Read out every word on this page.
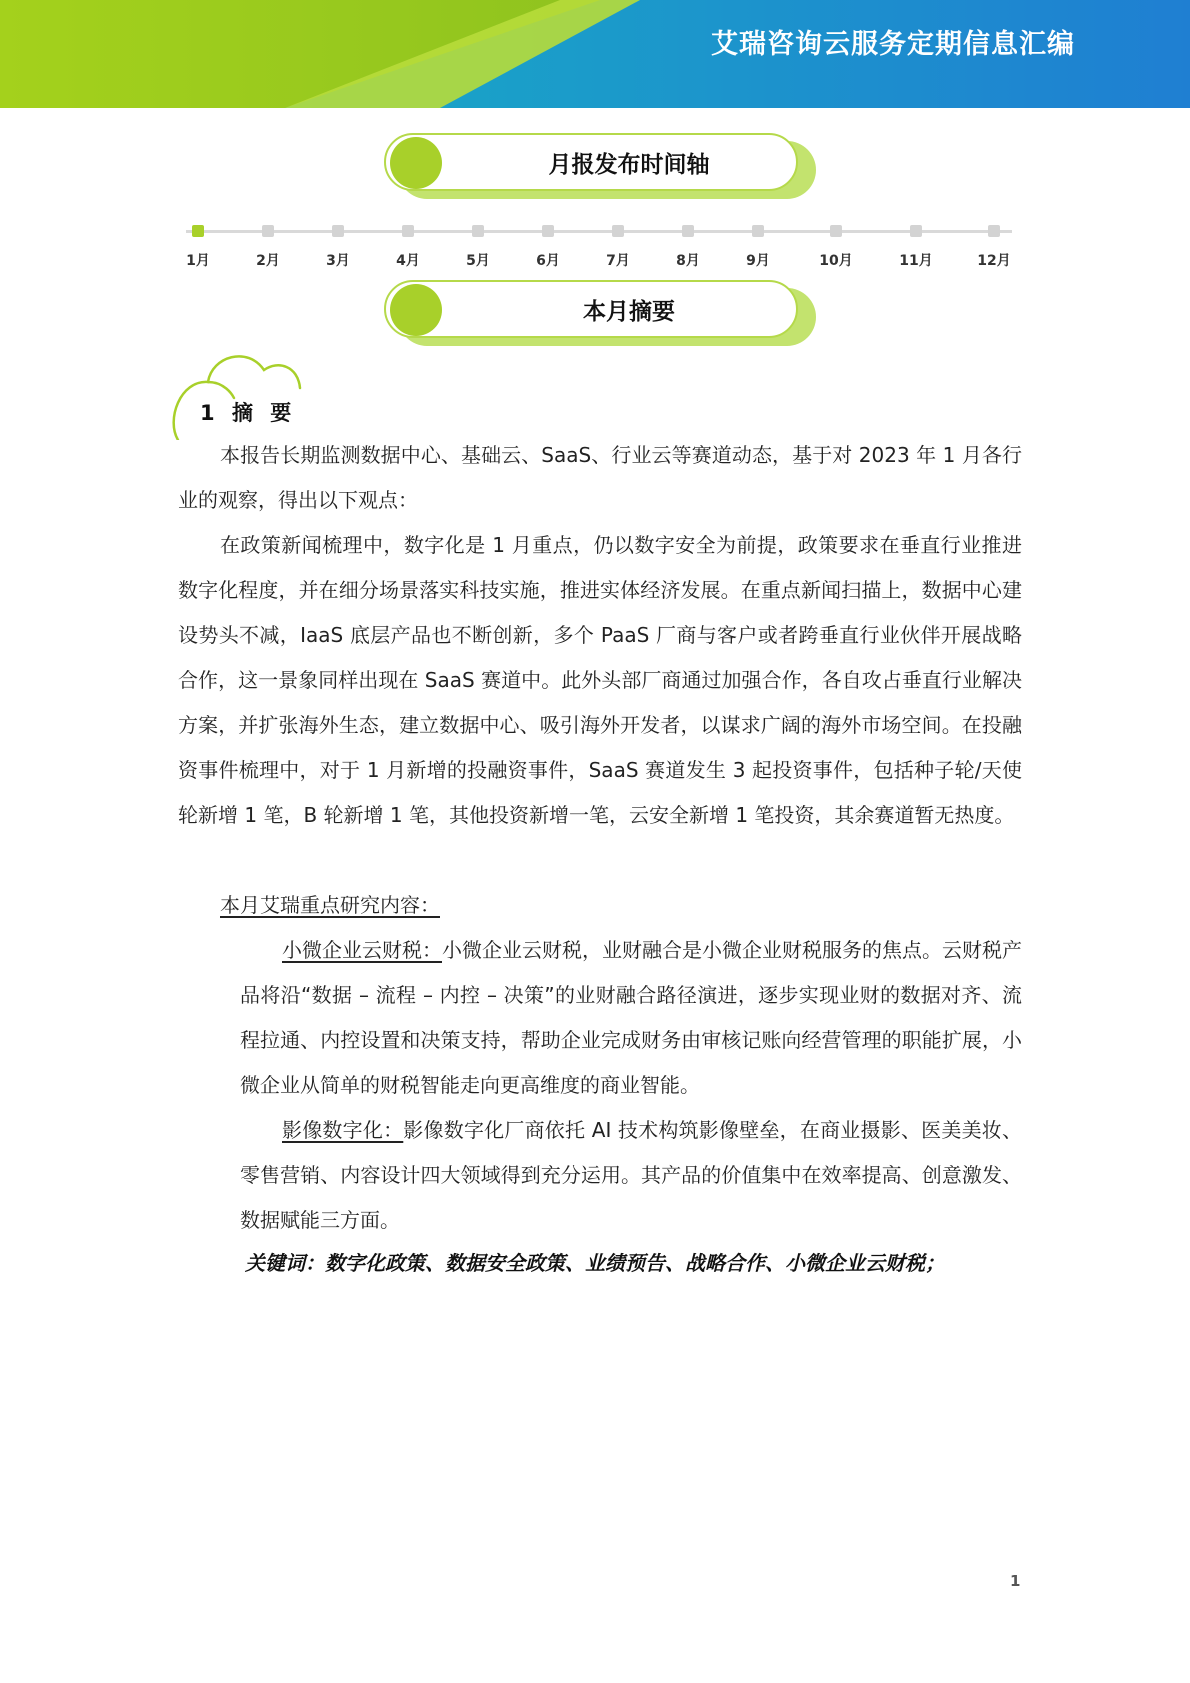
艾瑞咨询云服务定期信息汇编
月报发布时间轴
1月	2月	3月	4月	5月	6月	7月	8月	9月	10月	11月	12月
本月摘要
1 摘 要

本报告长期监测数据中心、基础云、SaaS、行业云等赛道动态，基于对 2023 年 1 月各行业的观察，得出以下观点：

在政策新闻梳理中，数字化是 1 月重点，仍以数字安全为前提，政策要求在垂直行业推进数字化程度，并在细分场景落实科技实施，推进实体经济发展。在重点新闻扫描上，数据中心建设势头不减，IaaS 底层产品也不断创新，多个 PaaS 厂商与客户或者跨垂直行业伙伴开展战略合作，这一景象同样出现在 SaaS 赛道中。此外头部厂商通过加强合作，各自攻占垂直行业解决方案，并扩张海外生态，建立数据中心、吸引海外开发者，以谋求广阔的海外市场空间。在投融资事件梳理中，对于 1 月新增的投融资事件，SaaS 赛道发生 3 起投资事件，包括种子轮/天使轮新增 1 笔，B 轮新增 1 笔，其他投资新增一笔，云安全新增 1 笔投资，其余赛道暂无热度。

本月艾瑞重点研究内容：

小微企业云财税：小微企业云财税，业财融合是小微企业财税服务的焦点。云财税产品将沿“数据 – 流程 – 内控 – 决策”的业财融合路径演进，逐步实现业财的数据对齐、流程拉通、内控设置和决策支持，帮助企业完成财务由审核记账向经营管理的职能扩展，小微企业从简单的财税智能走向更高维度的商业智能。

影像数字化：影像数字化厂商依托 AI 技术构筑影像壁垒，在商业摄影、医美美妆、零售营销、内容设计四大领域得到充分运用。其产品的价值集中在效率提高、创意激发、数据赋能三方面。

关键词：数字化政策、数据安全政策、业绩预告、战略合作、小微企业云财税；
1
